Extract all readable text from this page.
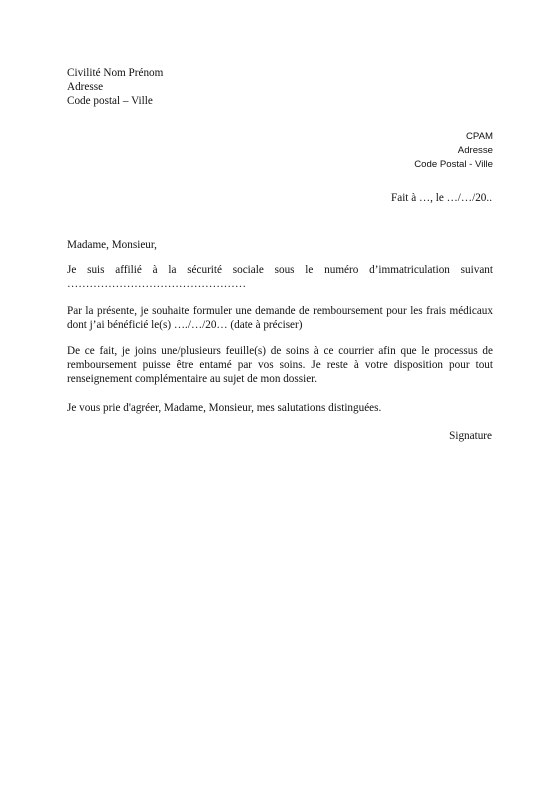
Civilité Nom Prénom
Adresse
Code postal – Ville
CPAM
Adresse
Code Postal - Ville
Fait à …, le …/…/20..
Madame, Monsieur,
Je suis affilié à la sécurité sociale sous le numéro d’immatriculation suivant
…………………………………………
Par la présente, je souhaite formuler une demande de remboursement pour les frais médicaux
dont j’ai bénéficié le(s) …./…/20… (date à préciser)
De ce fait, je joins une/plusieurs feuille(s) de soins à ce courrier afin que le processus de remboursement puisse être entamé par vos soins. Je reste à votre disposition pour tout renseignement complémentaire au sujet de mon dossier.
Je vous prie d'agréer, Madame, Monsieur, mes salutations distinguées.
Signature
